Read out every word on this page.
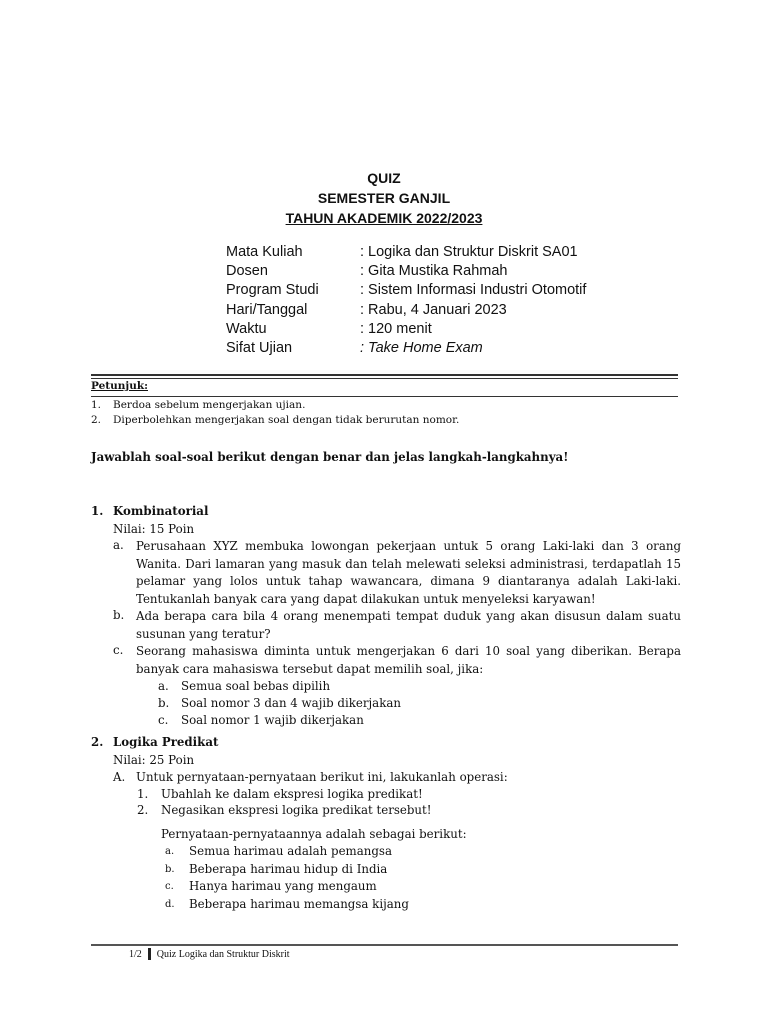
QUIZ
SEMESTER GANJIL
TAHUN AKADEMIK 2022/2023
Mata Kuliah	: Logika dan Struktur Diskrit SA01
Dosen	: Gita Mustika Rahmah
Program Studi	: Sistem Informasi Industri Otomotif
Hari/Tanggal	: Rabu, 4 Januari 2023
Waktu	: 120 menit
Sifat Ujian	: Take Home Exam
Petunjuk:
1.	Berdoa sebelum mengerjakan ujian.
2.	Diperbolehkan mengerjakan soal dengan tidak berurutan nomor.
Jawablah soal-soal berikut dengan benar dan jelas langkah-langkahnya!
1. Kombinatorial
Nilai: 15 Poin
a.	Perusahaan XYZ membuka lowongan pekerjaan untuk 5 orang Laki-laki dan 3 orang Wanita. Dari lamaran yang masuk dan telah melewati seleksi administrasi, terdapatlah 15 pelamar yang lolos untuk tahap wawancara, dimana 9 diantaranya adalah Laki-laki. Tentukanlah banyak cara yang dapat dilakukan untuk menyeleksi karyawan!
b. Ada berapa cara bila 4 orang menempati tempat duduk yang akan disusun dalam suatu susunan yang teratur?
c.	Seorang mahasiswa diminta untuk mengerjakan 6 dari 10 soal yang diberikan. Berapa banyak cara mahasiswa tersebut dapat memilih soal, jika:
a.	Semua soal bebas dipilih
b. Soal nomor 3 dan 4 wajib dikerjakan
c.	Soal nomor 1 wajib dikerjakan
2. Logika Predikat
Nilai: 25 Poin
A. Untuk pernyataan-pernyataan berikut ini, lakukanlah operasi:
1.	Ubahlah ke dalam ekspresi logika predikat!
2.	Negasikan ekspresi logika predikat tersebut!
Pernyataan-pernyataannya adalah sebagai berikut:
a.	Semua harimau adalah pemangsa
b.	Beberapa harimau hidup di India
c.	Hanya harimau yang mengaum
d.	Beberapa harimau memangsa kijang
1/2 Quiz Logika dan Struktur Diskrit
